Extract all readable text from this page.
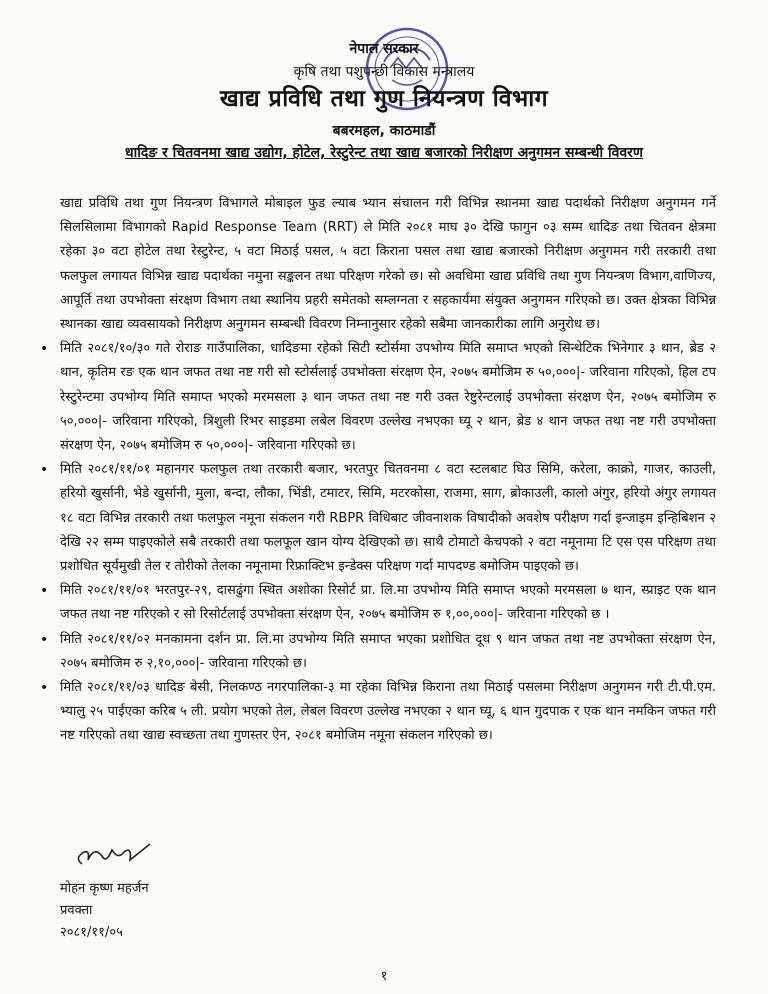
नेपाल सरकार
कृषि तथा पशुपन्छी विकास मन्त्रालय
खाद्य प्रविधि तथा गुण नियन्त्रण विभाग
बबरमहल, काठमाडौं
धादिङ र चितवनमा खाद्य उद्योग, होटेल, रेस्टुरेन्ट तथा खाद्य बजारको निरीक्षण अनुगमन सम्बन्धी विवरण

खाद्य प्रविधि तथा गुण नियन्त्रण विभागले मोबाइल फुड ल्याब भ्यान संचालन गरी विभिन्न स्थानमा खाद्य पदार्थको निरीक्षण अनुगमन गर्ने सिलसिलामा विभागको Rapid Response Team (RRT) ले मिति २०८१ माघ ३० देखि फागुन ०३ सम्म धादिङ तथा चितवन क्षेत्रमा रहेका ३० वटा होटेल तथा रेस्टुरेन्ट, ५ वटा मिठाई पसल, ५ वटा किराना पसल तथा खाद्य बजारको निरीक्षण अनुगमन गरी तरकारी तथा फलफुल लगायत विभिन्न खाद्य पदार्थका नमुना सङ्कलन तथा परिक्षण गरेको छ। सो अवधिमा खाद्य प्रविधि तथा गुण नियन्त्रण विभाग,वाणिज्य, आपूर्ति तथा उपभोक्ता संरक्षण विभाग तथा स्थानिय प्रहरी समेतको सम्लग्नता र सहकार्यमा संयुक्त अनुगमन गरिएको छ। उक्त क्षेत्रका विभिन्न स्थानका खाद्य व्यवसायको निरीक्षण अनुगमन सम्बन्धी विवरण निम्नानुसार रहेको सबैमा जानकारीका लागि अनुरोध छ।

• मिति २०८१/१०/३० गते रोराङ गाउँपालिका, धादिङमा रहेको सिटी स्टोर्समा उपभोग्य मिति समाप्त भएको सिन्थेटिक भिनेगार ३ थान, ब्रेड २ थान, कृतिम रङ एक थान जफत तथा नष्ट गरी सो स्टोर्सलाई उपभोक्ता संरक्षण ऐन, २०७५ बमोजिम रु ५०,०००|- जरिवाना गरिएको, हिल टप रेस्टुरेन्टमा उपभोग्य मिति समाप्त भएको मरमसला ३ थान जफत तथा नष्ट गरी उक्त रेष्टुरेन्टलाई उपभोक्ता संरक्षण ऐन, २०७५ बमोजिम रु ५०,०००|- जरिवाना गरिएको, त्रिशुली रिभर साइडमा लबेल विवरण उल्लेख नभएका घ्यू २ थान, ब्रेड ४ थान जफत तथा नष्ट गरी उपभोक्ता संरक्षण ऐन, २०७५ बमोजिम रु ५०,०००|- जरिवाना गरिएको छ।
• मिति २०८१/११/०१ महानगर फलफुल तथा तरकारी बजार, भरतपुर चितवनमा ८ वटा स्टलबाट घिउ सिमि, करेला, काक्रो, गाजर, काउली, हरियो खुर्सानी, भेडे खुर्सानी, मुला, बन्दा, लौका, भिंडी, टमाटर, सिमि, मटरकोसा, राजमा, साग, ब्रोकाउली, कालो अंगुर, हरियो अंगुर लगायत १८ वटा विभिन्न तरकारी तथा फलफुल नमूना संकलन गरी RBPR विधिबाट जीवनाशक विषादीको अवशेष परीक्षण गर्दा इन्जाइम इन्हिबिशन २ देखि २२ सम्म पाइएकोले सबै तरकारी तथा फलफूल खान योग्य देखिएको छ। साथै टोमाटो केचपको २ वटा नमूनामा टि एस एस परिक्षण तथा प्रशोधित सूर्यमुखी तेल र तोरीको तेलका नमूनामा रिफ्राक्टिभ इन्डेक्स परिक्षण गर्दा मापदण्ड बमोजिम पाइएको छ।
• मिति २०८१/११/०१ भरतपुर-२९, दासढुंगा स्थित अशोका रिसोर्ट प्रा. लि.मा उपभोग्य मिति समाप्त भएको मरमसला ७ थान, स्प्राइट एक थान जफत तथा नष्ट गरिएको र सो रिसोर्टलाई उपभोक्ता संरक्षण ऐन, २०७५ बमोजिम रु १,००,०००|- जरिवाना गरिएको छ ।
• मिति २०८१/११/०२ मनकामना दर्शन प्रा. लि.मा उपभोग्य मिति समाप्त भएका प्रशोधित दूध ९ थान जफत तथा नष्ट उपभोक्ता संरक्षण ऐन, २०७५ बमोजिम रु २,१०,०००|- जरिवाना गरिएको छ।
• मिति २०८१/११/०३ धादिङ बेसी, निलकण्ठ नगरपालिका-३ मा रहेका विभिन्न किराना तथा मिठाई पसलमा निरीक्षण अनुगमन गरी टी.पी.एम. भ्यालु २५ पाईएका करिब ५ ली. प्रयोग भएको तेल, लेबल विवरण उल्लेख नभएका २ थान घ्यू, ६ थान गुदपाक र एक थान नमकिन जफत गरी नष्ट गरिएको तथा खाद्य स्वच्छता तथा गुणस्तर ऐन, २०८१ बमोजिम नमूना संकलन गरिएको छ।
मोहन कृष्ण महर्जन
प्रवक्ता
२०८१/११/०५
१
